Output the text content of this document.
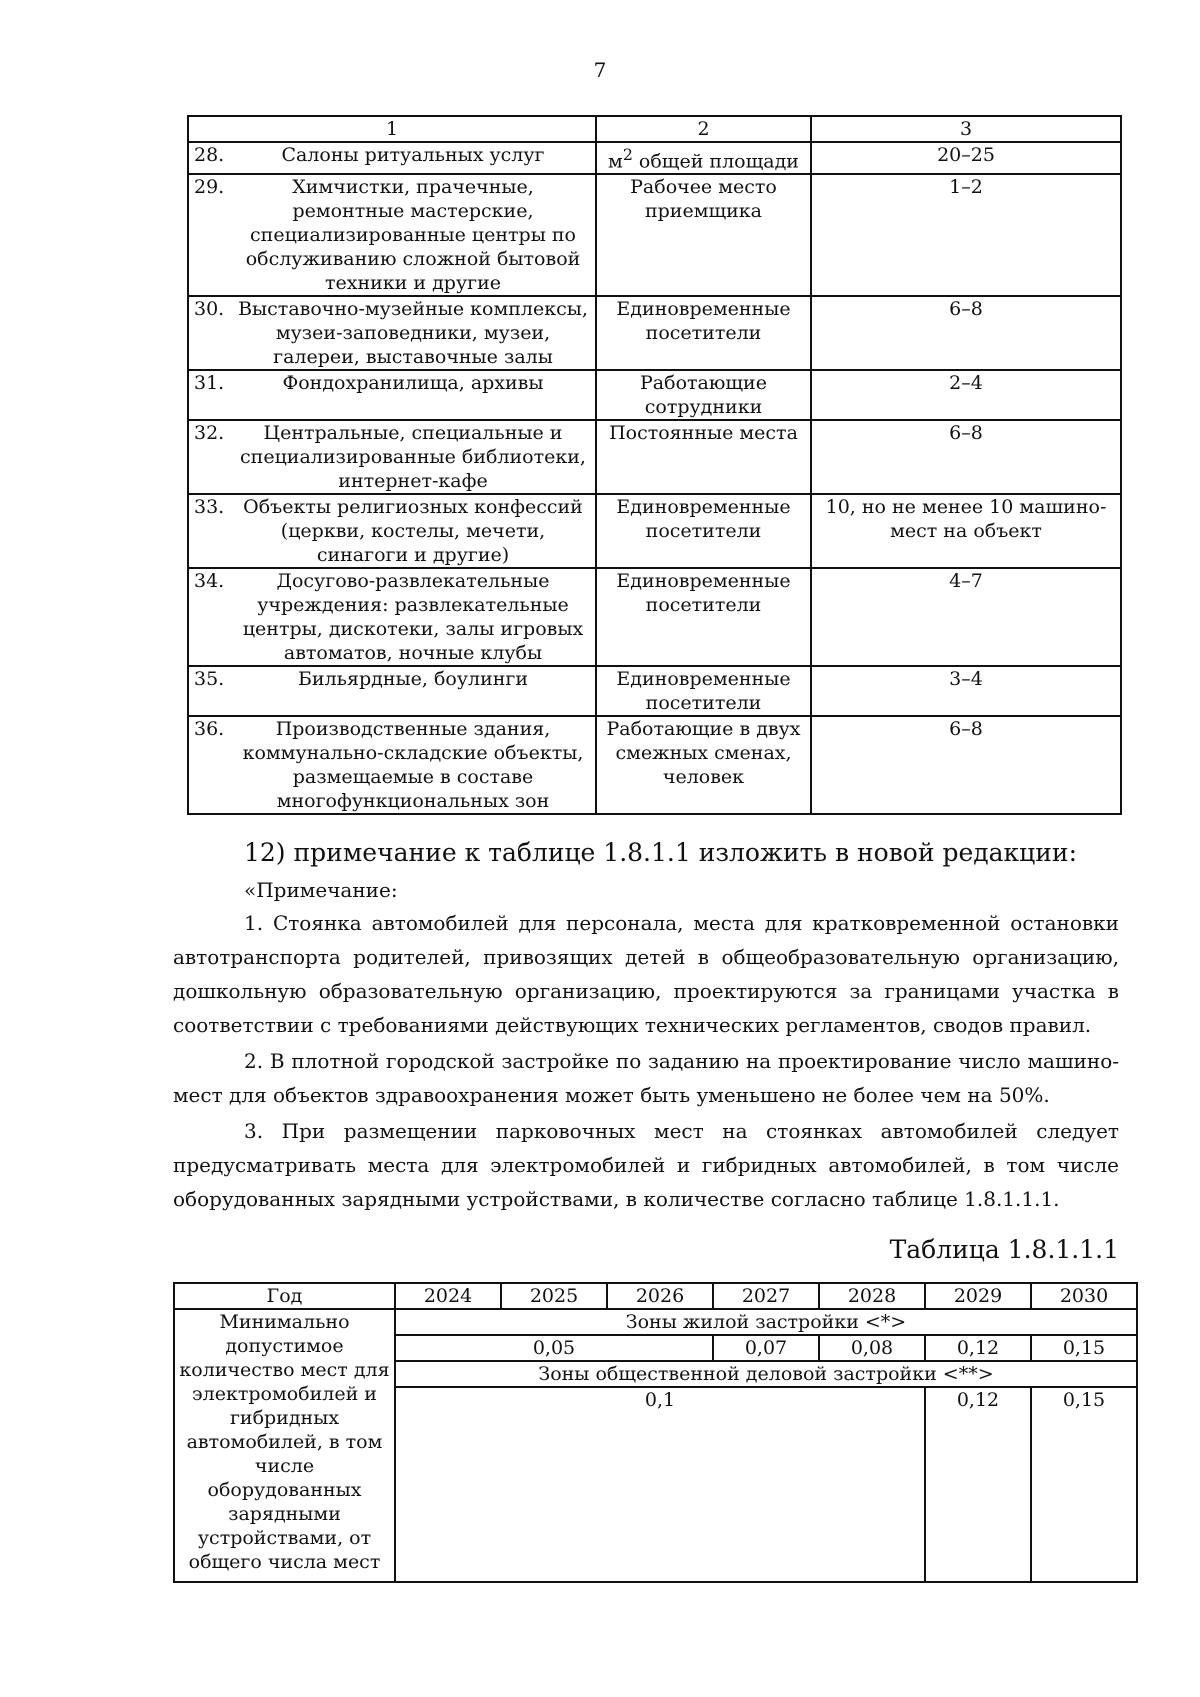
7
1	2	3

28. Салоны ритуальных услуг	$м^2$ общей площади	20–25

29. Химчистки, прачечные, ремонтные мастерские, специализированные центры по обслуживанию сложной бытовой техники и другие	Рабочее место приемщика	1–2

30. Выставочно-музейные комплексы, музеи-заповедники, музеи, галереи, выставочные залы	Единовременные посетители	6–8

31. Фондохранилища, архивы	Работающие сотрудники	2–4

32. Центральные, специальные и специализированные библиотеки, интернет-кафе	Постоянные места	6–8

33. Объекты религиозных конфессий (церкви, костелы, мечети, синагоги и другие)	Единовременные посетители	10, но не менее 10 машино-мест на объект

34. Досугово-развлекательные учреждения: развлекательные центры, дискотеки, залы игровых автоматов, ночные клубы	Единовременные посетители	4–7

35. Бильярдные, боулинги	Единовременные посетители	3–4

36. Производственные здания, коммунально-складские объекты, размещаемые в составе многофункциональных зон	Работающие в двух смежных сменах, человек	6–8
12) примечание к таблице 1.8.1.1 изложить в новой редакции:
«Примечание:
1. Стоянка автомобилей для персонала, места для кратковременной остановки автотранспорта родителей, привозящих детей в общеобразовательную организацию, дошкольную образовательную организацию, проектируются за границами участка в соответствии с требованиями действующих технических регламентов, сводов правил.
2. В плотной городской застройке по заданию на проектирование число машино-мест для объектов здравоохранения может быть уменьшено не более чем на 50%.
3. При размещении парковочных мест на стоянках автомобилей следует предусматривать места для электромобилей и гибридных автомобилей, в том числе оборудованных зарядными устройствами, в количестве согласно таблице 1.8.1.1.1.
Таблица 1.8.1.1.1
Год	2024	2025	2026	2027	2028	2029	2030
Минимально допустимое количество мест для электромобилей и гибридных автомобилей, в том числе оборудованных зарядными устройствами, от общего числа мест	Зоны жилой застройки <*>						
	0,05			0,07	0,08	0,12	0,15
	Зоны общественной деловой застройки <**>						
	0,1					0,12	0,15
